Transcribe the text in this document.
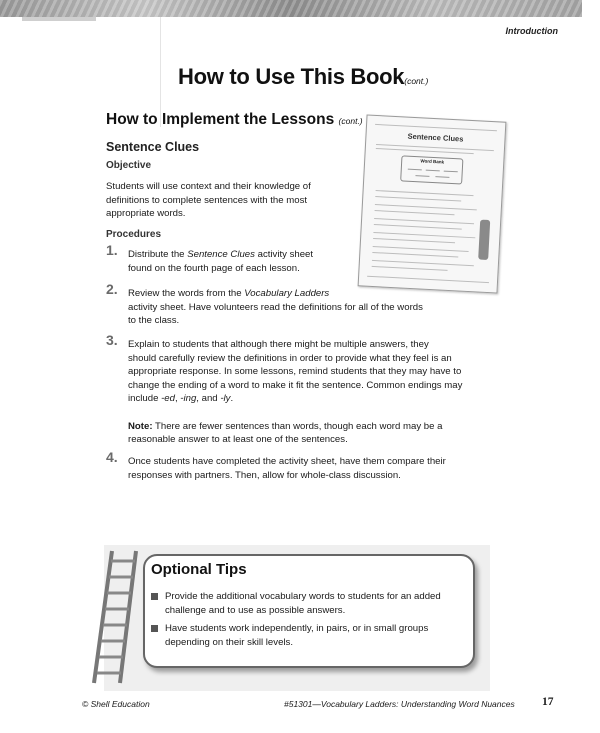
Introduction
How to Use This Book(cont.)
How to Implement the Lessons (cont.)
Sentence Clues
Objective
Students will use context and their knowledge of
definitions to complete sentences with the most
appropriate words.
Procedures
1. Distribute the Sentence Clues activity sheet
found on the fourth page of each lesson.
2. Review the words from the Vocabulary Ladders
activity sheet. Have volunteers read the definitions for all of the words
to the class.
3. Explain to students that although there might be multiple answers, they
should carefully review the definitions in order to provide what they feel is an
appropriate response. In some lessons, remind students that they may have to
change the ending of a word to make it fit the sentence. Common endings may
include -ed, -ing, and -ly.
Note: There are fewer sentences than words, though each word may be a
reasonable answer to at least one of the sentences.
4. Once students have completed the activity sheet, have them compare their
responses with partners. Then, allow for whole-class discussion.
Sentence Clues
Word Bank
Optional Tips
Provide the additional vocabulary words to students for an added
challenge and to use as possible answers.
Have students work independently, in pairs, or in small groups
depending on their skill levels.
© Shell Education	#51301—Vocabulary Ladders: Understanding Word Nuances 17
